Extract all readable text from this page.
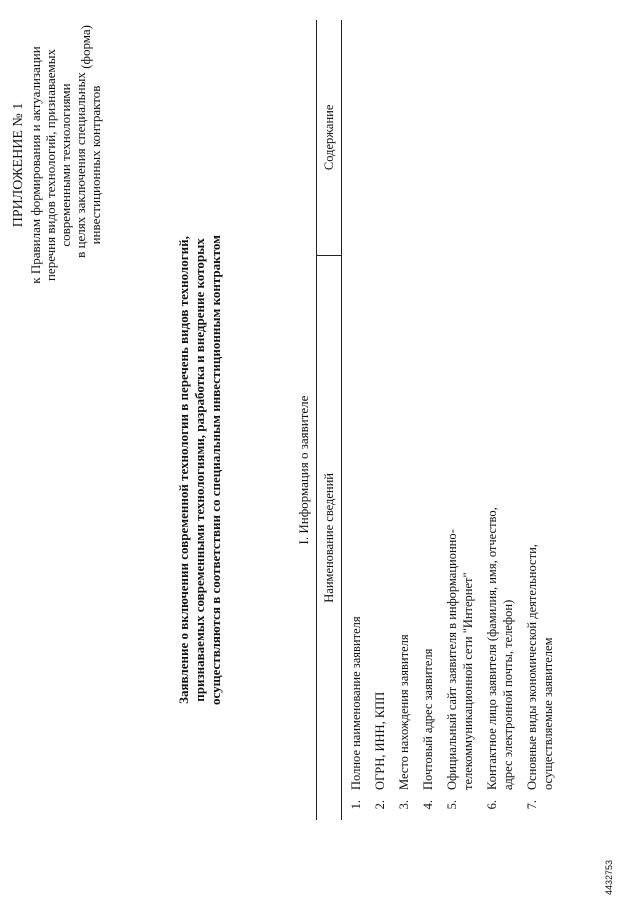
ПРИЛОЖЕНИЕ № 1 к Правилам формирования и актуализации перечня видов технологий, признаваемых современными технологиями в целях заключения специальных инвестиционных контрактов
(форма)
Заявление о включении современной технологии в перечень видов технологий, признаваемых современными технологиями, разработка и внедрение которых осуществляются в соответствии со специальным инвестиционным контрактом	I. Информация о заявителе Наименование сведений
Содержание
1.
Полное наименование заявителя
2.
ОГРН, ИНН, КПП
3.
Место нахождения заявителя
4.
Почтовый адрес заявителя
5.
Официальный сайт заявителя в информационно- телекоммуникационной сети "Интернет"
6.
Контактное лицо заявителя (фамилия, имя, отчество, адрес электронной почты, телефон)
7.
Основные виды экономической деятельности, осуществляемые заявителем
4432753
